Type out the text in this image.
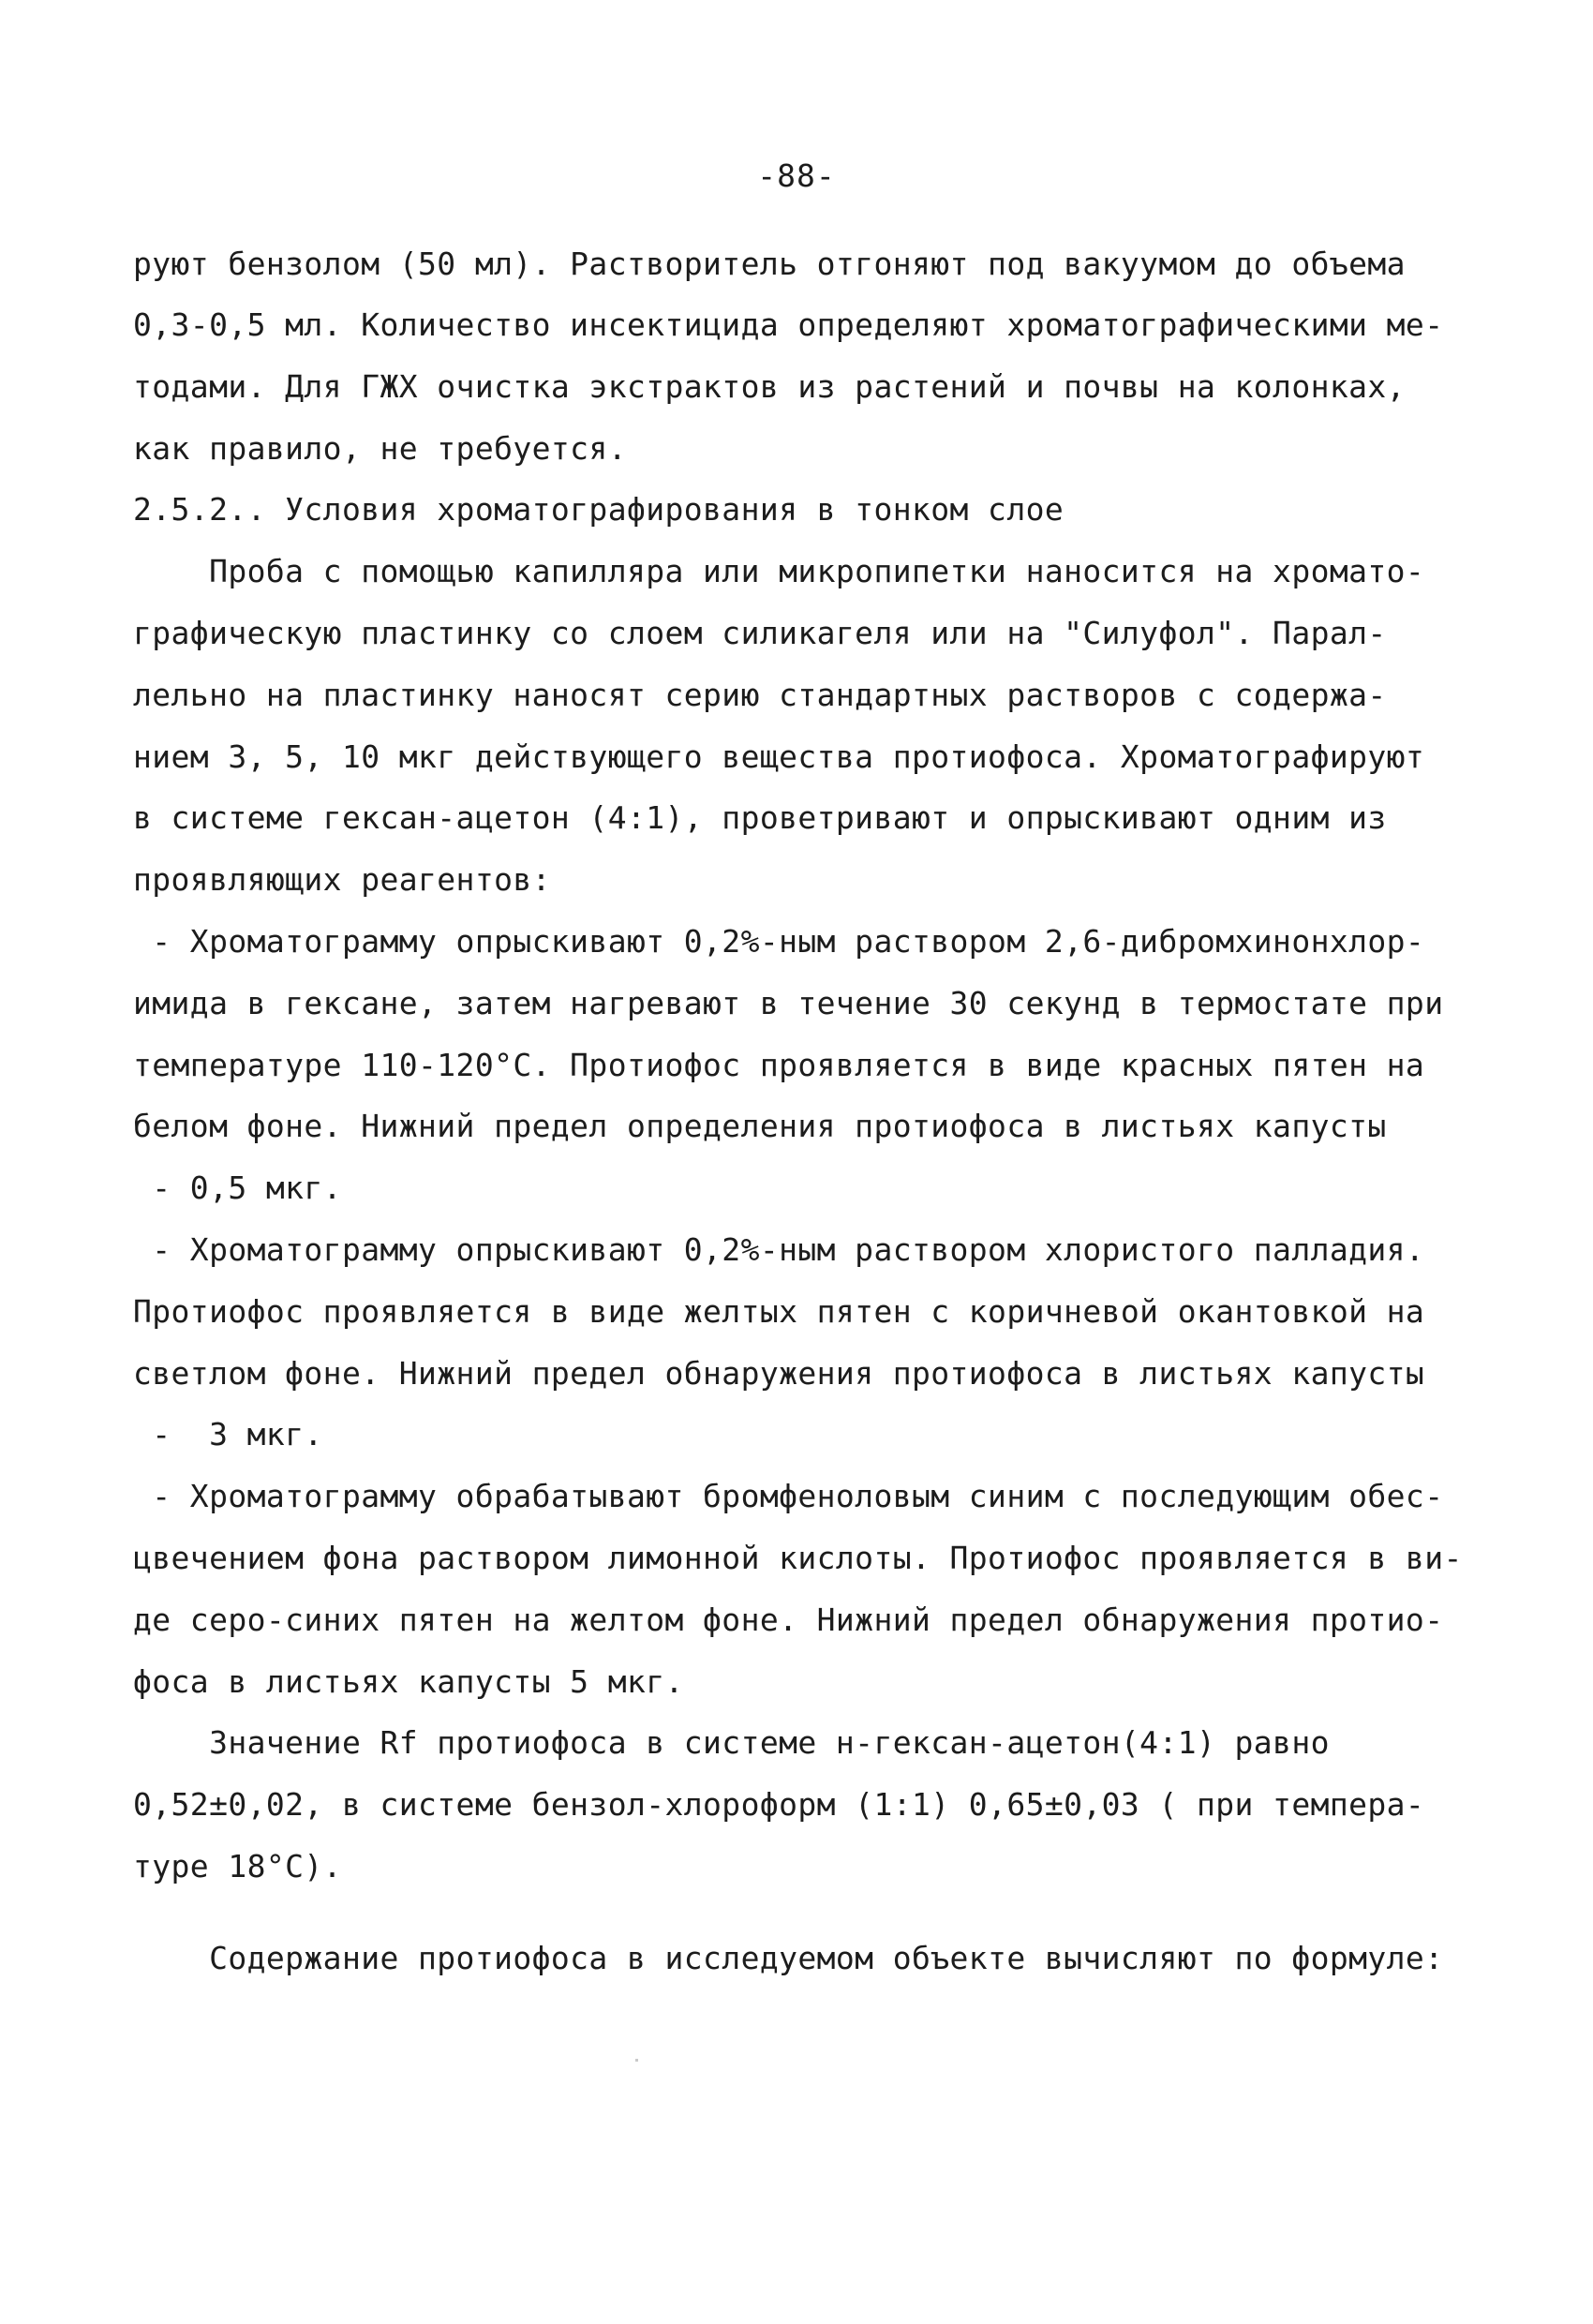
-88-
руют бензолом (50 мл). Растворитель отгоняют под вакуумом до объема
0,3-0,5 мл. Количество инсектицида определяют хроматографическими ме-
тодами. Для ГЖХ очистка экстрактов из растений и почвы на колонках,
как правило, не требуется.
2.5.2.. Условия хроматографирования в тонком слое
Проба с помощью капилляра или микропипетки наносится на хромато-
графическую пластинку со слоем силикагеля или на "Силуфол". Парал-
лельно на пластинку наносят серию стандартных растворов с содержа-
нием 3, 5, 10 мкг действующего вещества протиофоса. Хроматографируют
в системе гексан-ацетон (4:1), проветривают и опрыскивают одним из
проявляющих реагентов:
- Хроматограмму опрыскивают 0,2%-ным раствором 2,6-дибромхинонхлор-
имида в гексане, затем нагревают в течение 30 секунд в термостате при
температуре 110-120°С. Протиофос проявляется в виде красных пятен на
белом фоне. Нижний предел определения протиофоса в листьях капусты
- 0,5 мкг.
- Хроматограмму опрыскивают 0,2%-ным раствором хлористого палладия.
Протиофос проявляется в виде желтых пятен с коричневой окантовкой на
светлом фоне. Нижний предел обнаружения протиофоса в листьях капусты
-  3 мкг.
- Хроматограмму обрабатывают бромфеноловым синим с последующим обес-
цвечением фона раствором лимонной кислоты. Протиофос проявляется в ви-
де серо-синих пятен на желтом фоне. Нижний предел обнаружения протио-
фоса в листьях капусты 5 мкг.
Значение Rf протиофоса в системе н-гексан-ацетон(4:1) равно
0,52±0,02, в системе бензол-хлороформ (1:1) 0,65±0,03 ( при темпера-
туре 18°С).
Содержание протиофоса в исследуемом объекте вычисляют по формуле:
